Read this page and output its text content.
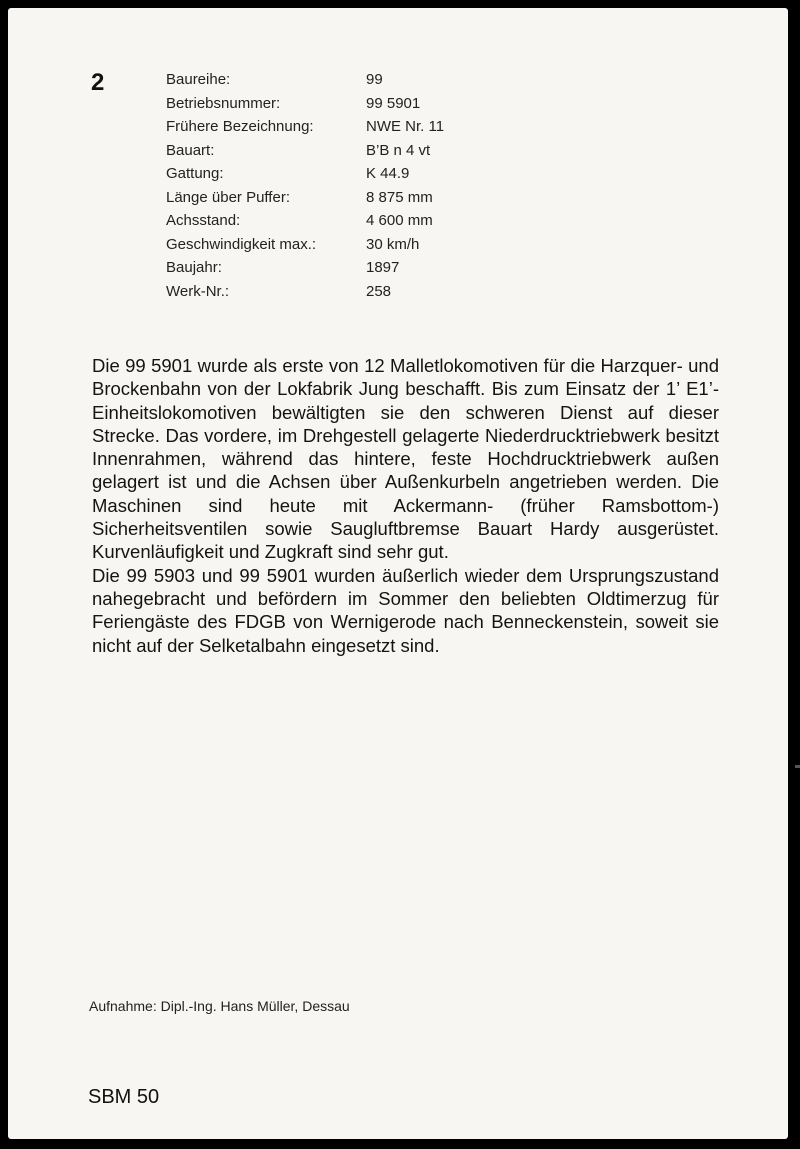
2	Baureihe:	99
Betriebsnummer:	99 5901
Frühere Bezeichnung:	NWE Nr. 11
Bauart:	B’B n 4 vt
Gattung:	K 44.9
Länge über Puffer:	8 875 mm
Achsstand:	4 600 mm
Geschwindigkeit max.:	30 km/h
Baujahr:	1897
Werk-Nr.:	258

Die 99 5901 wurde als erste von 12 Malletlokomotiven für die Harzquer- und Brockenbahn von der Lokfabrik Jung beschafft. Bis zum Einsatz der 1’ E1’-Einheitslokomotiven bewältigten sie den schweren Dienst auf dieser Strecke. Das vordere, im Drehgestell gelagerte Niederdrucktriebwerk besitzt Innenrahmen, während das hintere, feste Hochdrucktriebwerk außen gelagert ist und die Achsen über Außenkurbeln angetrieben werden. Die Maschinen sind heute mit Ackermann- (früher Ramsbottom-) Sicherheitsventilen sowie Saugluftbremse Bauart Hardy ausgerüstet. Kurvenläufigkeit und Zugkraft sind sehr gut.

Die 99 5903 und 99 5901 wurden äußerlich wieder dem Ursprungszustand nahegebracht und befördern im Sommer den beliebten Oldtimerzug für Feriengäste des FDGB von Wernigerode nach Benneckenstein, soweit sie nicht auf der Selketalbahn eingesetzt sind.

Aufnahme: Dipl.-Ing. Hans Müller, Dessau
SBM 50
